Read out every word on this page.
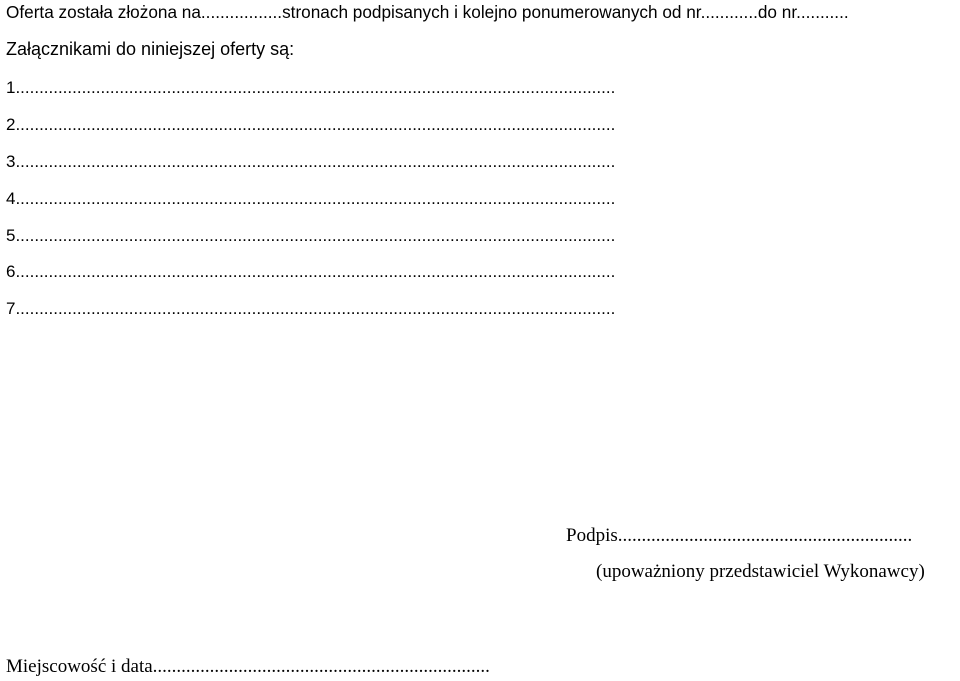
Oferta została złożona na.................stronach podpisanych i kolejno ponumerowanych od nr............do nr...........
Załącznikami do niniejszej oferty są:
1...............................................................................................................................
2...............................................................................................................................
3...............................................................................................................................
4...............................................................................................................................
5...............................................................................................................................
6...............................................................................................................................
7...............................................................................................................................
Podpis..............................................................
(upoważniony przedstawiciel Wykonawcy)
Miejscowość i data.......................................................................
